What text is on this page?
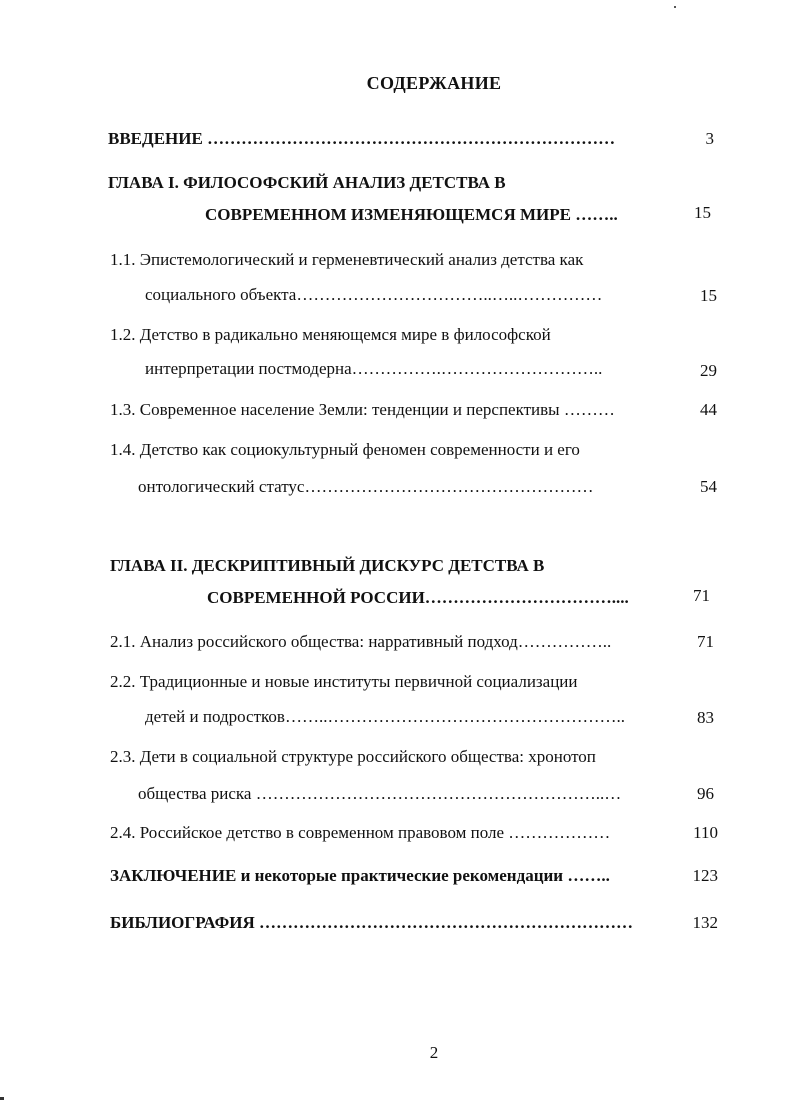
СОДЕРЖАНИЕ
ВВЕДЕНИЕ ………………………………………………………………	3
ГЛАВА I. ФИЛОСОФСКИЙ АНАЛИЗ ДЕТСТВА В
СОВРЕМЕННОМ ИЗМЕНЯЮЩЕМСЯ МИРЕ ……..	15
1.1. Эпистемологический и герменевтический анализ детства как
социального объекта……………………………..…..……………	15
1.2. Детство в радикально меняющемся мире в философской
интерпретации постмодерна…………….………………………..	29
1.3. Современное население Земли: тенденции и перспективы ………	44
1.4. Детство как социокультурный феномен современности и его
онтологический статус……………………………………………	54
ГЛАВА II. ДЕСКРИПТИВНЫЙ ДИСКУРС ДЕТСТВА В
СОВРЕМЕННОЙ РОССИИ……………………………....	71
2.1. Анализ российского общества: нарративный подход……………..	71
2.2. Традиционные и новые институты первичной социализации
детей и подростков……..……………………………………………..	83
2.3. Дети в социальной структуре российского общества: хронотоп
общества риска ……………………………………………………..…	96
2.4. Российское детство в современном правовом поле ………………	110
ЗАКЛЮЧЕНИЕ и некоторые практические рекомендации ……..	123
БИБЛИОГРАФИЯ …………………………………………………………	132
2
